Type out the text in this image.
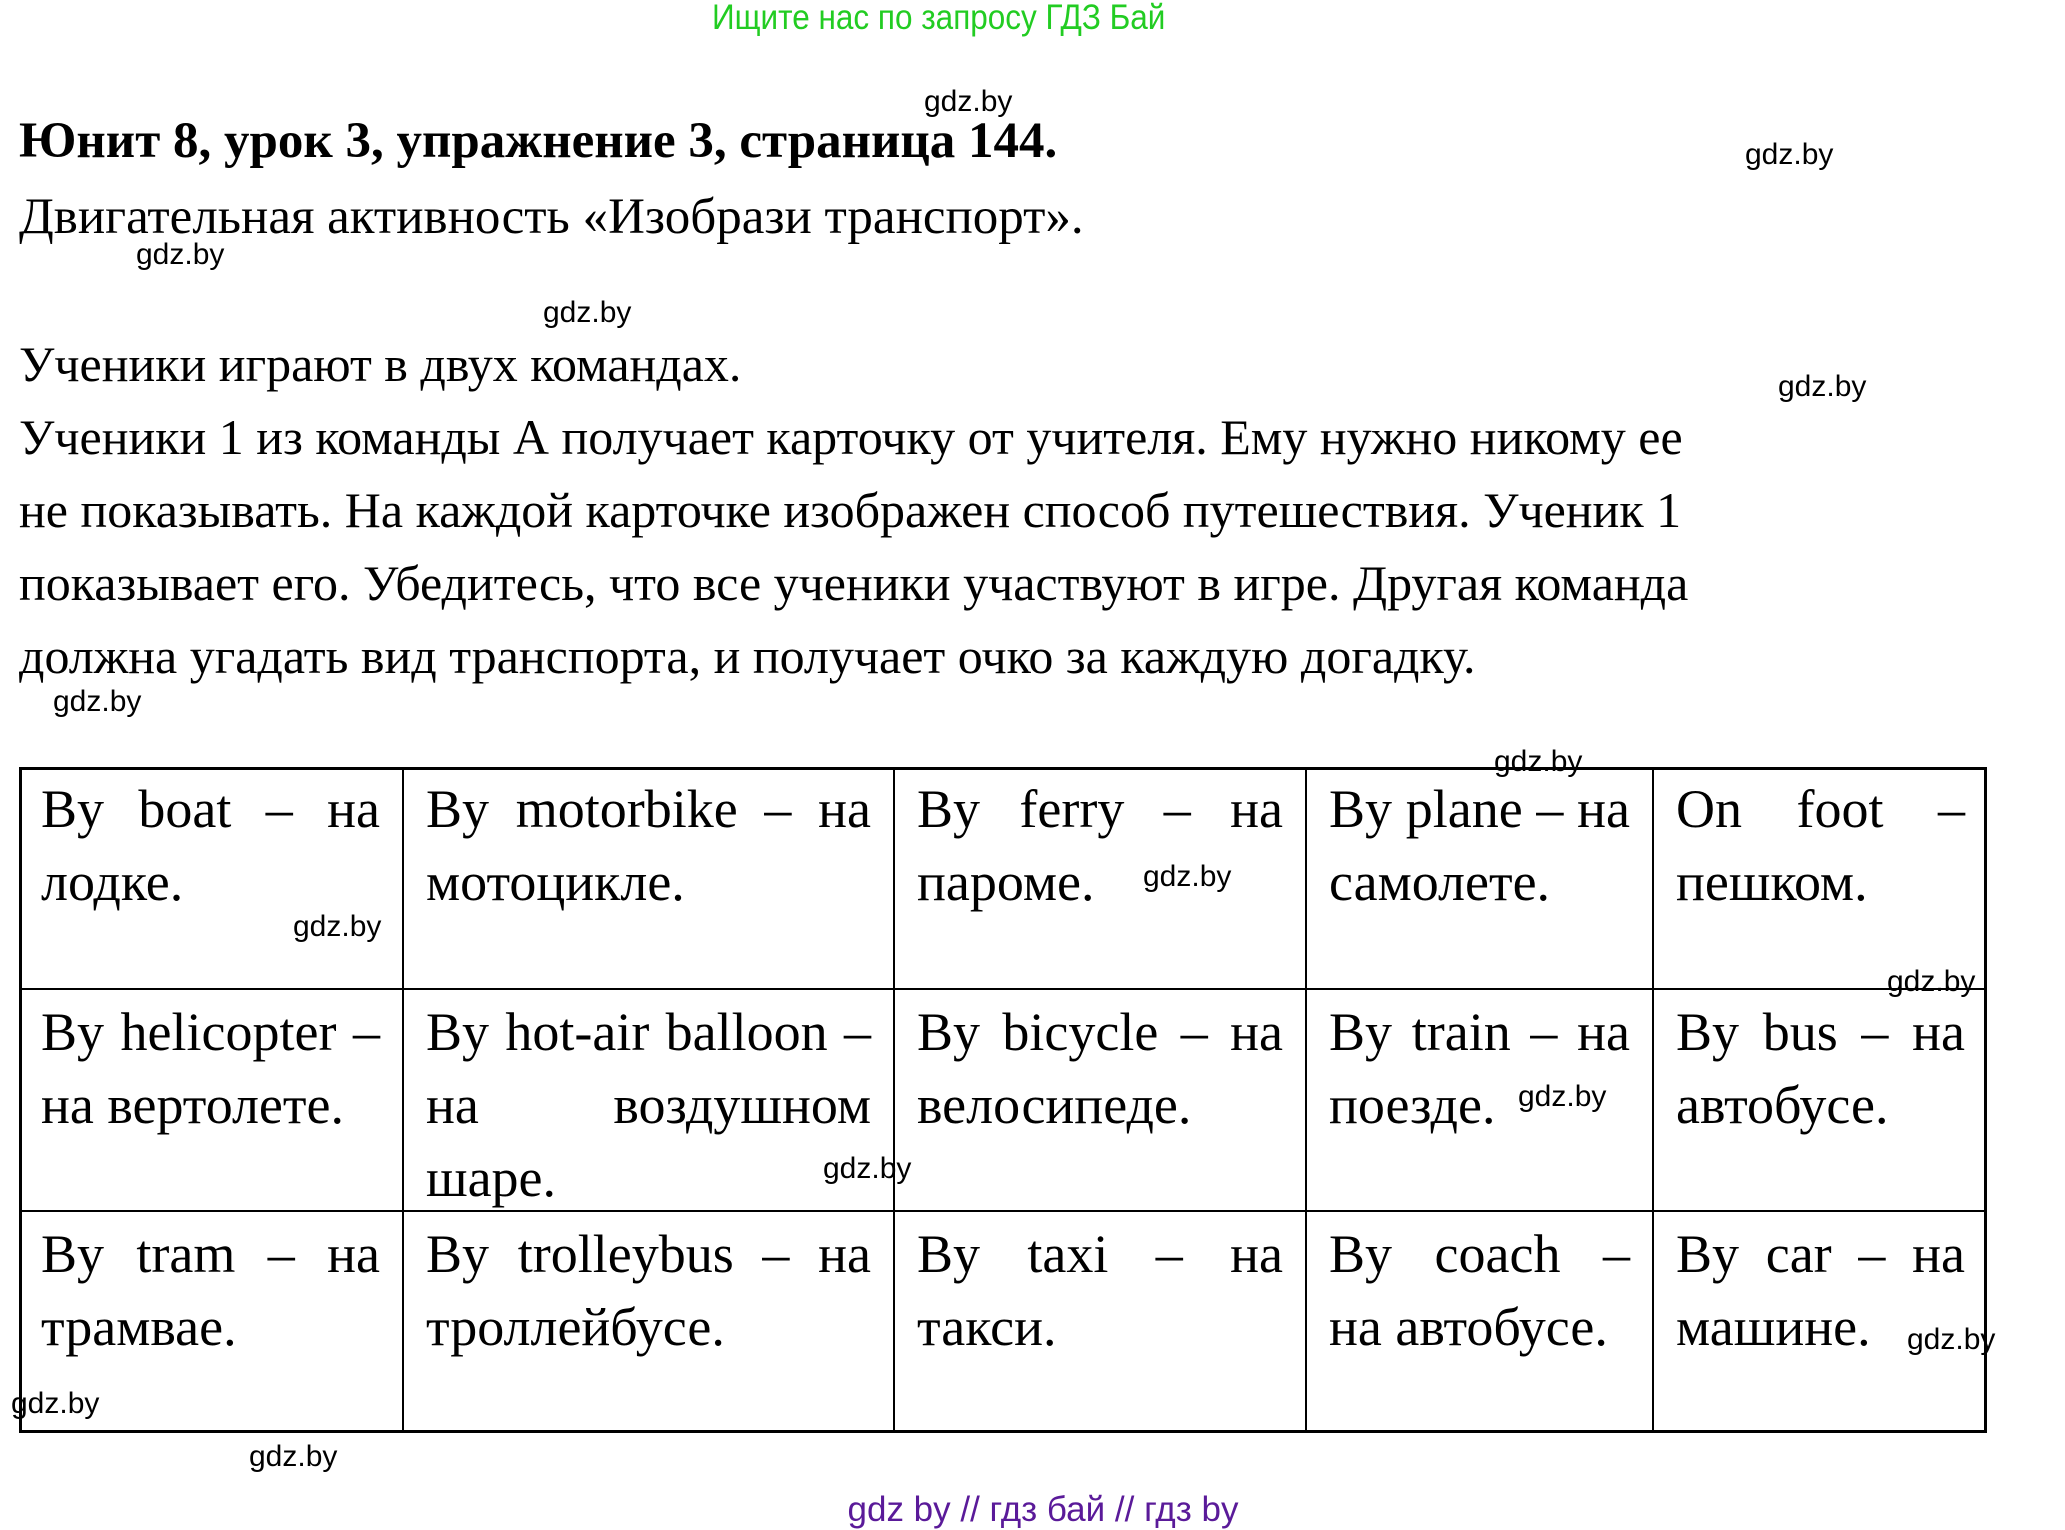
Ищите нас по запросу ГДЗ Бай
Юнит 8, урок 3, упражнение 3, страница 144.
Двигательная активность «Изобрази транспорт».
Ученики играют в двух командах.
Ученики 1 из команды А получает карточку от учителя. Ему нужно никому ее
не показывать. На каждой карточке изображен способ путешествия. Ученик 1
показывает его. Убедитесь, что все ученики участвуют в игре. Другая команда
должна угадать вид транспорта, и получает очко за каждую догадку.
By boat – на лодке.
By motorbike – на мотоцикле.
By ferry – на пароме.
By plane – на самолете.
On foot – пешком.
By helicopter – на вертолете.
By hot-air balloon – на воздушном шаре.
By bicycle – на велосипеде.
By train – на поезде.
By bus – на автобусе.
By tram – на трамвае.
By trolleybus – на троллейбусе.
By taxi – на такси.
By coach – на автобусе.
By car – на машине.
gdz.by
gdz.by
gdz.by
gdz.by
gdz.by
gdz.by
gdz.by
gdz.by
gdz.by
gdz.by
gdz.by
gdz.by
gdz.by
gdz.by
gdz.by
gdz by // гдз бай // гдз by
